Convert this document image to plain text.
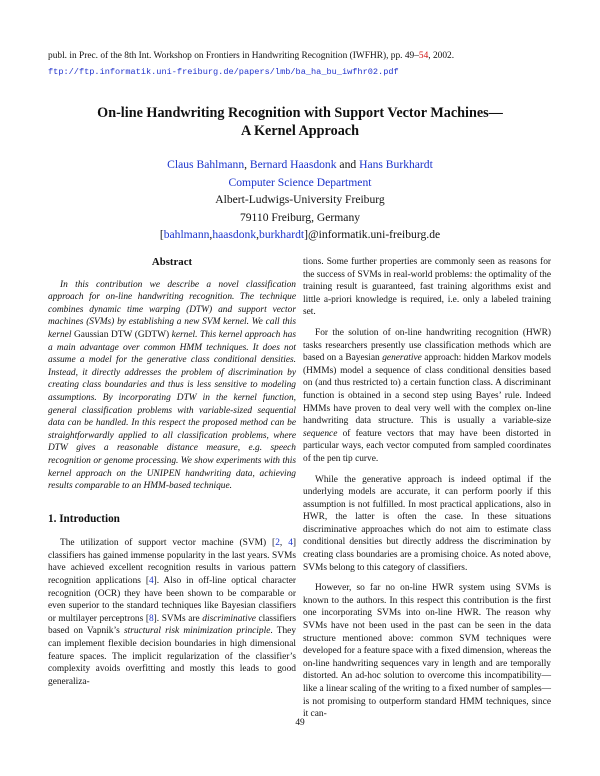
publ. in Prec. of the 8th Int. Workshop on Frontiers in Handwriting Recognition (IWFHR), pp. 49–54, 2002.
ftp://ftp.informatik.uni-freiburg.de/papers/lmb/ba_ha_bu_iwfhr02.pdf
On-line Handwriting Recognition with Support Vector Machines—
A Kernel Approach
Claus Bahlmann, Bernard Haasdonk and Hans Burkhardt
Computer Science Department
Albert-Ludwigs-University Freiburg
79110 Freiburg, Germany
[bahlmann,haasdonk,burkhardt]@informatik.uni-freiburg.de
Abstract

In this contribution we describe a novel classification approach for on-line handwriting recognition. The technique combines dynamic time warping (DTW) and support vector machines (SVMs) by establishing a new SVM kernel. We call this kernel Gaussian DTW (GDTW) kernel. This kernel approach has a main advantage over common HMM techniques. It does not assume a model for the generative class conditional densities. Instead, it directly addresses the problem of discrimination by creating class boundaries and thus is less sensitive to modeling assumptions. By incorporating DTW in the kernel function, general classification problems with variable-sized sequential data can be handled. In this respect the proposed method can be straightforwardly applied to all classification problems, where DTW gives a reasonable distance measure, e.g. speech recognition or genome processing. We show experiments with this kernel approach on the UNIPEN handwriting data, achieving results comparable to an HMM-based technique.

1. Introduction

The utilization of support vector machine (SVM) [2, 4] classifiers has gained immense popularity in the last years. SVMs have achieved excellent recognition results in various pattern recognition applications [4]. Also in off-line optical character recognition (OCR) they have been shown to be comparable or even superior to the standard techniques like Bayesian classifiers or multilayer perceptrons [8]. SVMs are discriminative classifiers based on Vapnik’s structural risk minimization principle. They can implement flexible decision boundaries in high dimensional feature spaces. The implicit regularization of the classifier’s complexity avoids overfitting and mostly this leads to good generaliza-

tions. Some further properties are commonly seen as reasons for the success of SVMs in real-world problems: the optimality of the training result is guaranteed, fast training algorithms exist and little a-priori knowledge is required, i.e. only a labeled training set.

For the solution of on-line handwriting recognition (HWR) tasks researchers presently use classification methods which are based on a Bayesian generative approach: hidden Markov models (HMMs) model a sequence of class conditional densities based on (and thus restricted to) a certain function class. A discriminant function is obtained in a second step using Bayes’ rule. Indeed HMMs have proven to deal very well with the complex on-line handwriting data structure. This is usually a variable-size sequence of feature vectors that may have been distorted in particular ways, each vector computed from sampled coordinates of the pen tip curve.

While the generative approach is indeed optimal if the underlying models are accurate, it can perform poorly if this assumption is not fulfilled. In most practical applications, also in HWR, the latter is often the case. In these situations discriminative approaches which do not aim to estimate class conditional densities but directly address the discrimination by creating class boundaries are a promising choice. As noted above, SVMs belong to this category of classifiers.

However, so far no on-line HWR system using SVMs is known to the authors. In this respect this contribution is the first one incorporating SVMs into on-line HWR. The reason why SVMs have not been used in the past can be seen in the data structure mentioned above: common SVM techniques were developed for a feature space with a fixed dimension, whereas the on-line handwriting sequences vary in length and are temporally distorted. An ad-hoc solution to overcome this incompatibility—like a linear scaling of the writing to a fixed number of samples—is not promising to outperform standard HMM techniques, since it can-

49
